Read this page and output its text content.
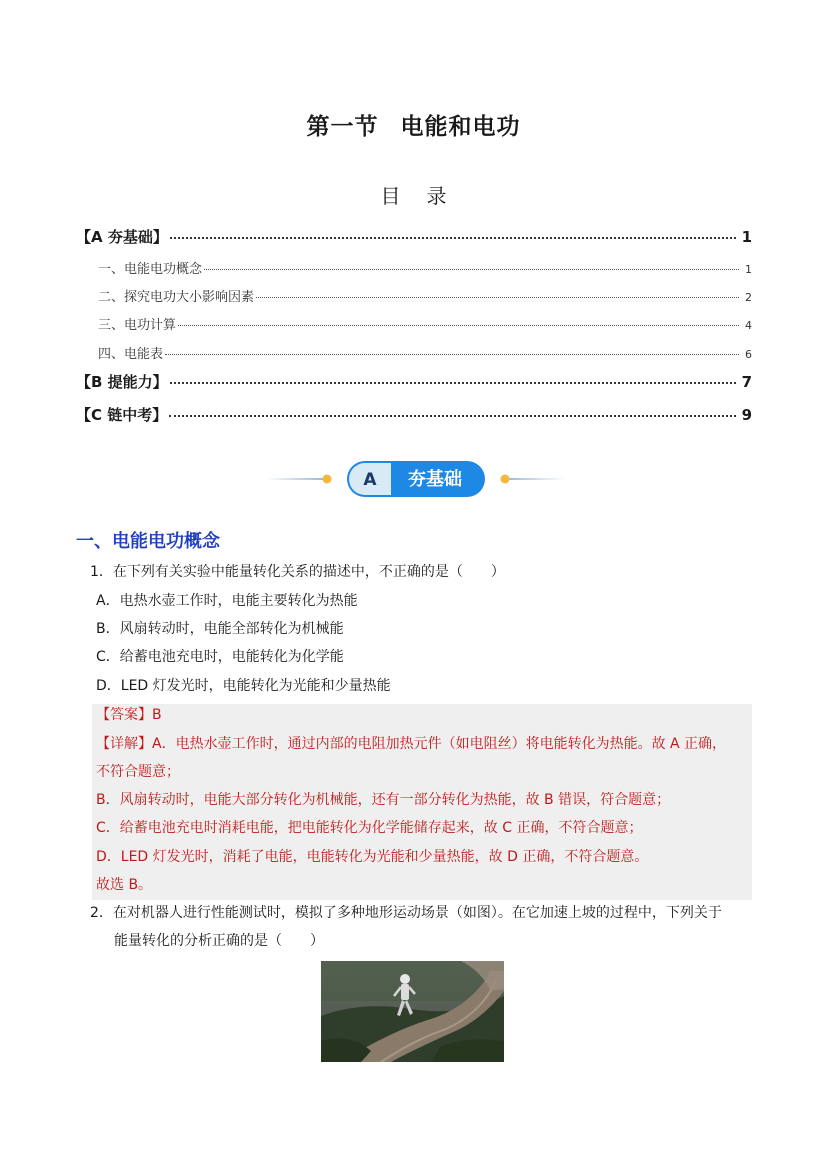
第一节 电能和电功
目 录
【A 夯基础】	1
一、电能电功概念	1
二、探究电功大小影响因素	2
三、电功计算	4
四、电能表	6
【B 提能力】	7
【C 链中考】	9
A 夯基础
一、电能电功概念
1．在下列有关实验中能量转化关系的描述中，不正确的是（　　）
A．电热水壶工作时，电能主要转化为热能
B．风扇转动时，电能全部转化为机械能
C．给蓄电池充电时，电能转化为化学能
D．LED 灯发光时，电能转化为光能和少量热能
【答案】B
【详解】A．电热水壶工作时，通过内部的电阻加热元件（如电阻丝）将电能转化为热能。故 A 正确，
不符合题意；
B．风扇转动时，电能大部分转化为机械能，还有一部分转化为热能，故 B 错误，符合题意；
C．给蓄电池充电时消耗电能，把电能转化为化学能储存起来，故 C 正确，不符合题意；
D．LED 灯发光时，消耗了电能，电能转化为光能和少量热能，故 D 正确，不符合题意。
故选 B。
2．在对机器人进行性能测试时，模拟了多种地形运动场景（如图）。在它加速上坡的过程中，下列关于
能量转化的分析正确的是（　　）
